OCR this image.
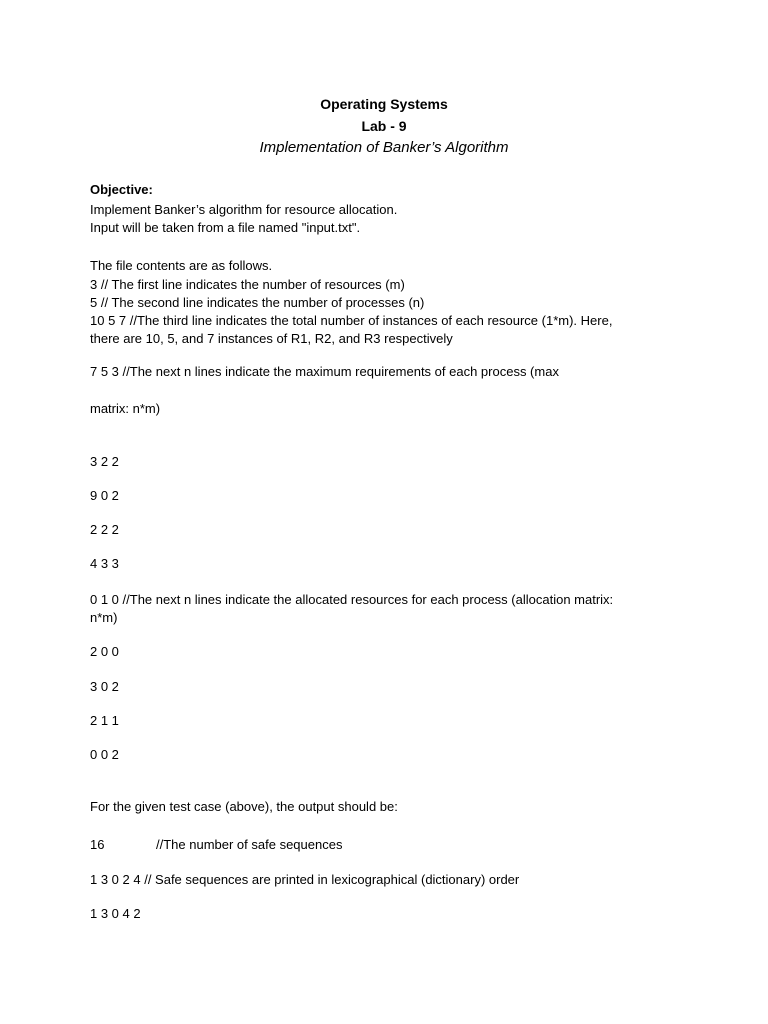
Operating Systems

Lab - 9

Implementation of Banker’s Algorithm

Objective:

Implement Banker’s algorithm for resource allocation.

Input will be taken from a file named "input.txt".

The file contents are as follows.

3 // The first line indicates the number of resources (m)

5 // The second line indicates the number of processes (n)

10 5 7 //The third line indicates the total number of instances of each resource (1*m). Here,

there are 10, 5, and 7 instances of R1, R2, and R3 respectively

7 5 3 //The next n lines indicate the maximum requirements of each process (max

matrix: n*m)

3 2 2

9 0 2

2 2 2

4 3 3

0 1 0 //The next n lines indicate the allocated resources for each process (allocation matrix:

n*m)

2 0 0

3 0 2

2 1 1

0 0 2

For the given test case (above), the output should be:

16	//The number of safe sequences

1 3 0 2 4 // Safe sequences are printed in lexicographical (dictionary) order

1 3 0 4 2
